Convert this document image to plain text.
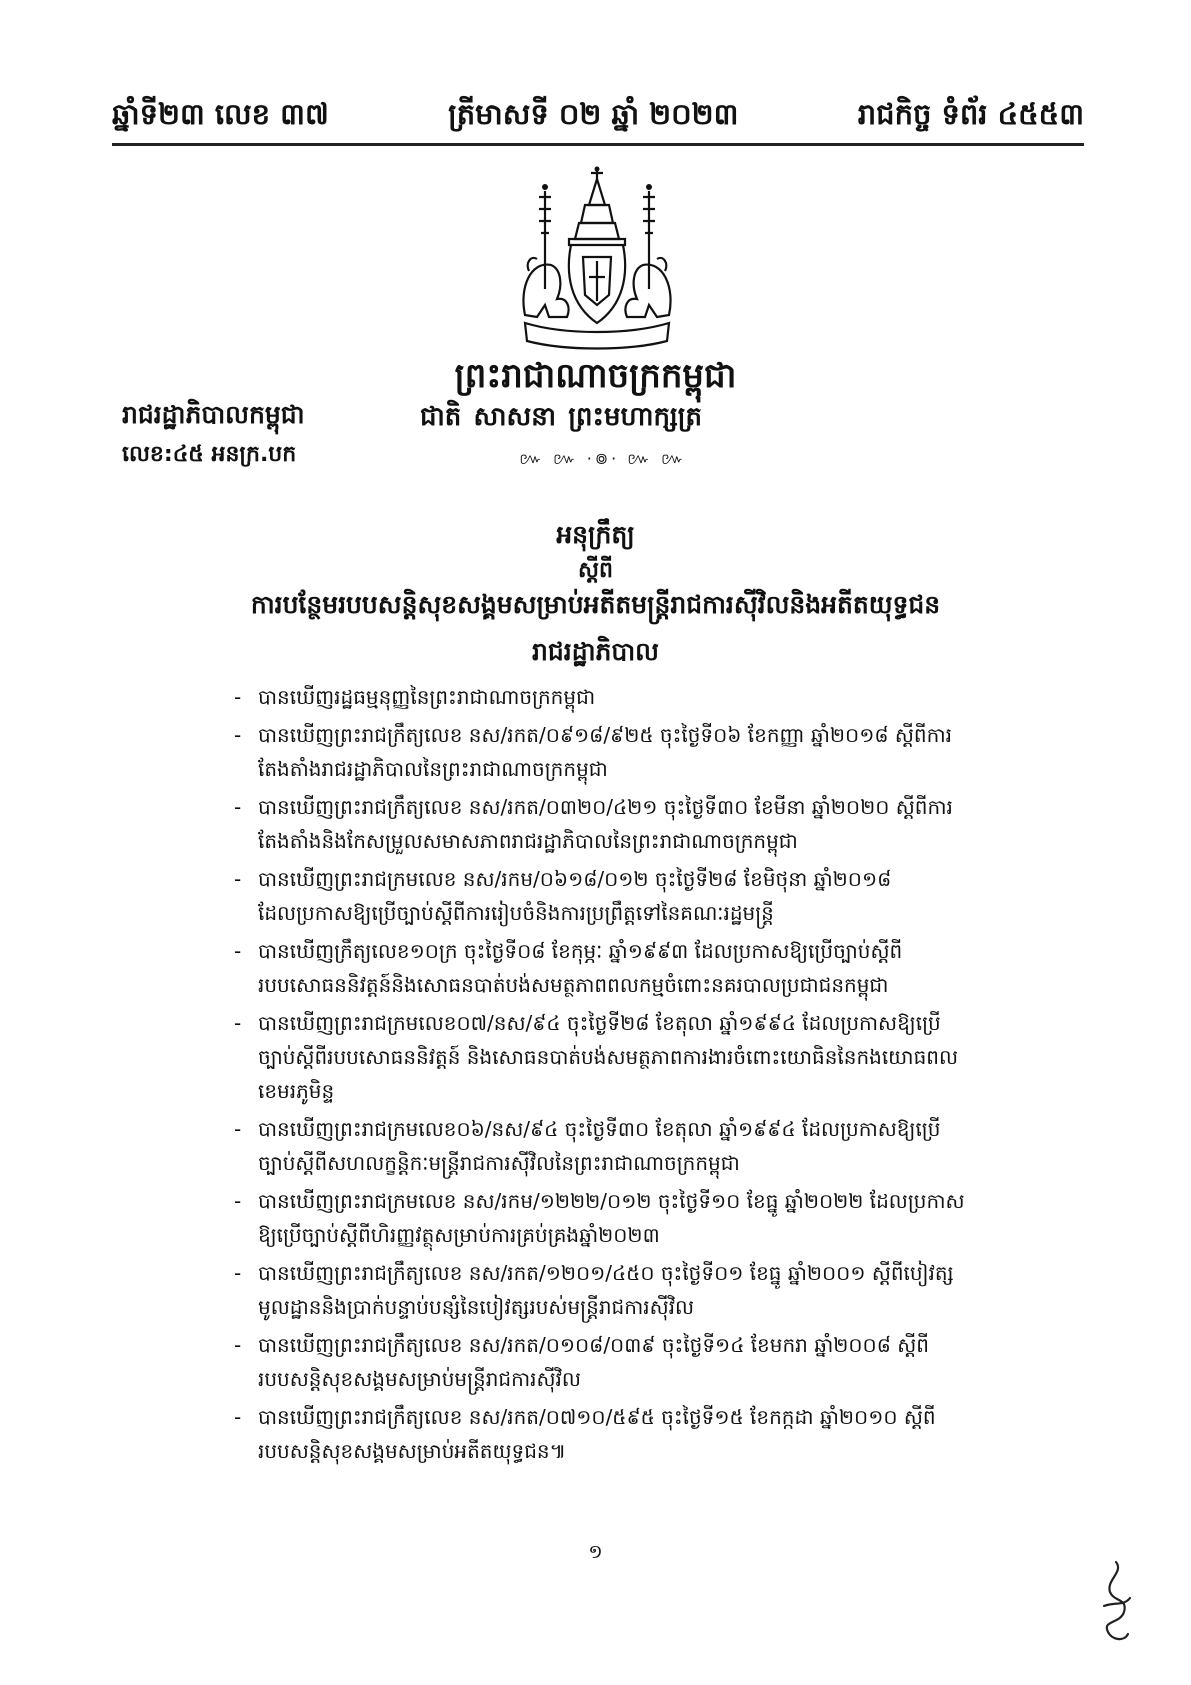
ឆ្នាំទី២៣ លេខ ៣៧	ត្រីមាសទី ០២ ឆ្នាំ ២០២៣	រាជកិច្ច ទំព័រ ៤៥៥៣
ព្រះរាជាណាចក្រកម្ពុជា
រាជរដ្ឋាភិបាលកម្ពុជា
លេខ:៤៥ អនក្រ.បក
ជាតិ សាសនា ព្រះមហាក្សត្រ
៚ ៚ ·៙· ៚ ៚
អនុក្រឹត្យ
ស្តីពី
ការបន្ថែមរបបសន្តិសុខសង្គមសម្រាប់អតីតមន្ត្រីរាជការស៊ីវិលនិងអតីតយុទ្ធជន
រាជរដ្ឋាភិបាល
- បានឃើញរដ្ឋធម្មនុញ្ញនៃព្រះរាជាណាចក្រកម្ពុជា
- បានឃើញព្រះរាជក្រឹត្យលេខ នស/រកត/០៩១៨/៩២៥ ចុះថ្ងៃទី០៦ ខែកញ្ញា ឆ្នាំ២០១៨ ស្តីពីការ
តែងតាំងរាជរដ្ឋាភិបាលនៃព្រះរាជាណាចក្រកម្ពុជា
- បានឃើញព្រះរាជក្រឹត្យលេខ នស/រកត/០៣២០/៤២១ ចុះថ្ងៃទី៣០ ខែមីនា ឆ្នាំ២០២០ ស្តីពីការ
តែងតាំងនិងកែសម្រួលសមាសភាពរាជរដ្ឋាភិបាលនៃព្រះរាជាណាចក្រកម្ពុជា
- បានឃើញព្រះរាជក្រមលេខ នស/រកម/០៦១៨/០១២ ចុះថ្ងៃទី២៨ ខែមិថុនា ឆ្នាំ២០១៨
ដែលប្រកាសឱ្យប្រើច្បាប់ស្តីពីការរៀបចំនិងការប្រព្រឹត្តទៅនៃគណៈរដ្ឋមន្ត្រី
- បានឃើញក្រឹត្យលេខ១០ក្រ ចុះថ្ងៃទី០៨ ខែកុម្ភៈ ឆ្នាំ១៩៩៣ ដែលប្រកាសឱ្យប្រើច្បាប់ស្តីពី
របបសោធននិវត្តន៍និងសោធនបាត់បង់សមត្ថភាពពលកម្មចំពោះនគរបាលប្រជាជនកម្ពុជា
- បានឃើញព្រះរាជក្រមលេខ០៧/នស/៩៤ ចុះថ្ងៃទី២៨ ខែតុលា ឆ្នាំ១៩៩៤ ដែលប្រកាសឱ្យប្រើ
ច្បាប់ស្តីពីរបបសោធននិវត្តន៍ និងសោធនបាត់បង់សមត្ថភាពការងារចំពោះយោធិននៃកងយោធពល
ខេមរភូមិន្ទ
- បានឃើញព្រះរាជក្រមលេខ០៦/នស/៩៤ ចុះថ្ងៃទី៣០ ខែតុលា ឆ្នាំ១៩៩៤ ដែលប្រកាសឱ្យប្រើ
ច្បាប់ស្តីពីសហលក្ខន្តិកៈមន្ត្រីរាជការស៊ីវិលនៃព្រះរាជាណាចក្រកម្ពុជា
- បានឃើញព្រះរាជក្រមលេខ នស/រកម/១២២២/០១២ ចុះថ្ងៃទី១០ ខែធ្នូ ឆ្នាំ២០២២ ដែលប្រកាស
ឱ្យប្រើច្បាប់ស្តីពីហិរញ្ញវត្ថុសម្រាប់ការគ្រប់គ្រងឆ្នាំ២០២៣
- បានឃើញព្រះរាជក្រឹត្យលេខ នស/រកត/១២០១/៤៥០ ចុះថ្ងៃទី០១ ខែធ្នូ ឆ្នាំ២០០១ ស្តីពីបៀវត្ស
មូលដ្ឋាននិងប្រាក់បន្ទាប់បន្សំនៃបៀវត្សរបស់មន្ត្រីរាជការស៊ីវិល
- បានឃើញព្រះរាជក្រឹត្យលេខ នស/រកត/០១០៨/០៣៩ ចុះថ្ងៃទី១៤ ខែមករា ឆ្នាំ២០០៨ ស្តីពី
របបសន្តិសុខសង្គមសម្រាប់មន្ត្រីរាជការស៊ីវិល
- បានឃើញព្រះរាជក្រឹត្យលេខ នស/រកត/០៧១០/៥៩៥ ចុះថ្ងៃទី១៥ ខែកក្កដា ឆ្នាំ២០១០ ស្តីពី
របបសន្តិសុខសង្គមសម្រាប់អតីតយុទ្ធជន៕
១
